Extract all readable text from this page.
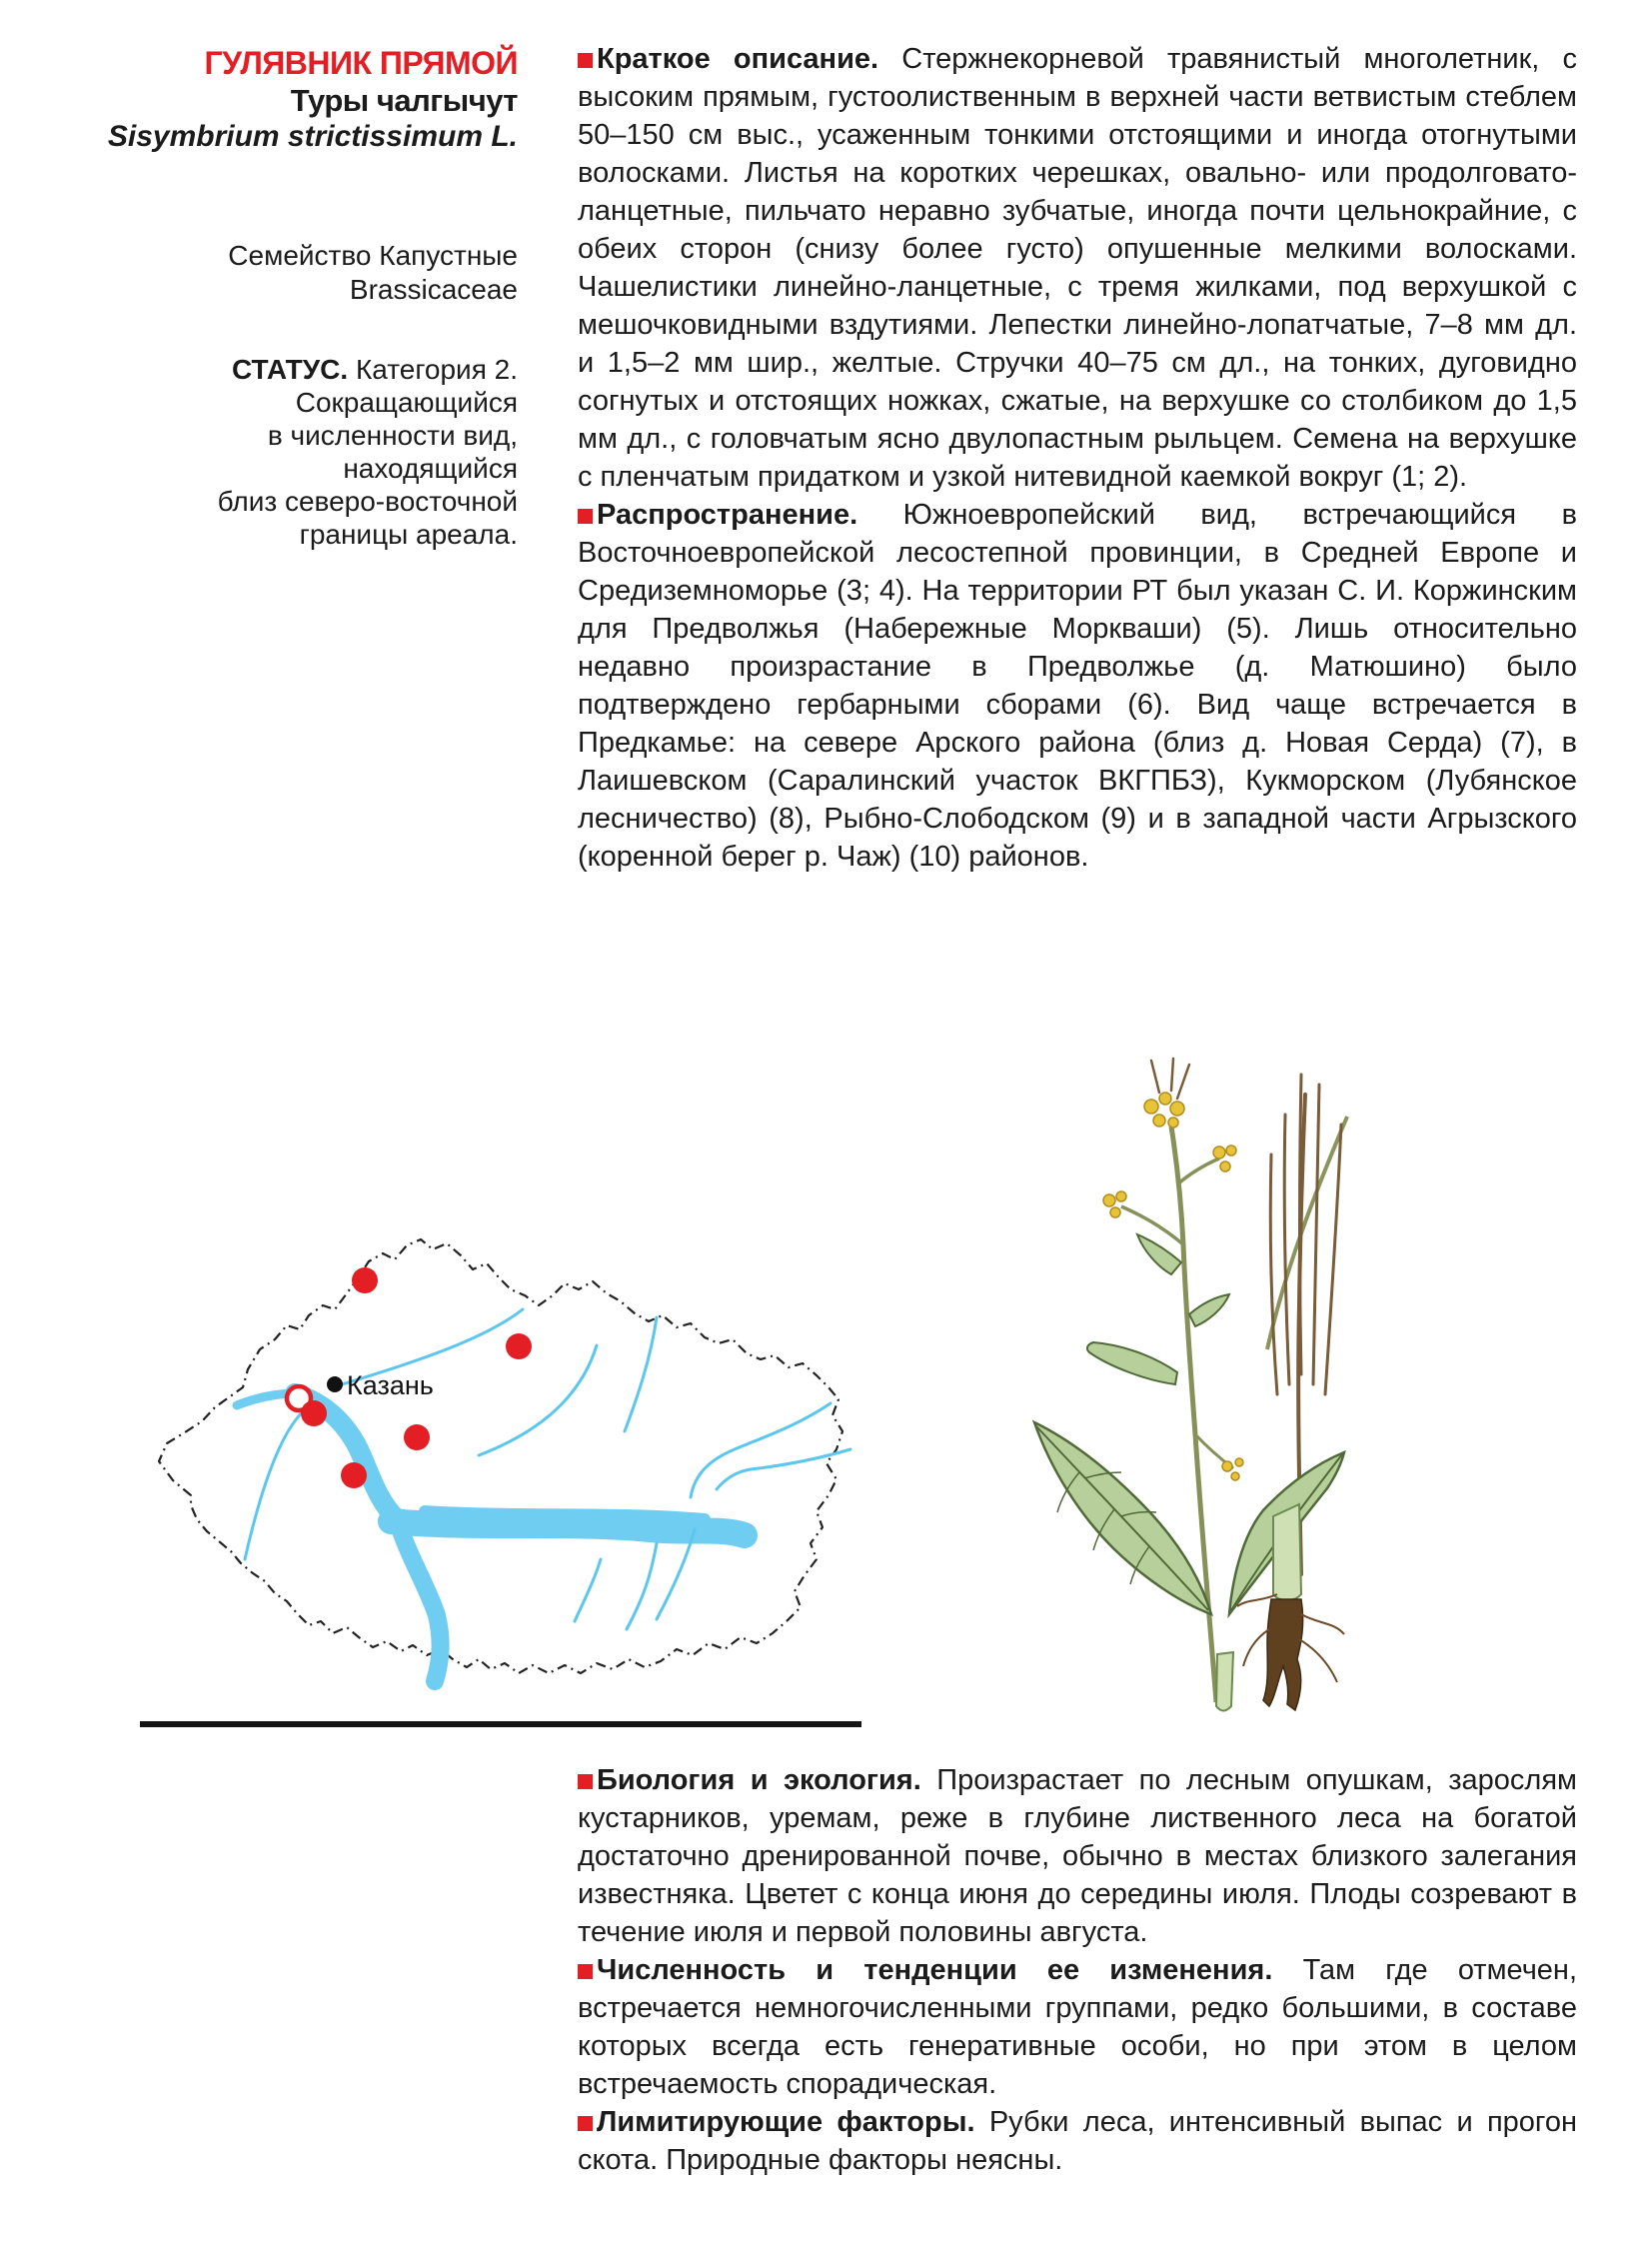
ГУЛЯВНИК ПРЯМОЙ
Туры чалгычут
Sisymbrium strictissimum L.
Семейство Капустные
Brassicaceae
СТАТУС. Категория 2.
Сокращающийся
в численности вид,
находящийся
близ северо-восточной
границы ареала.

Краткое описание. Стержнекорневой травянистый многолетник, с высоким прямым, густоолиственным в верхней части ветвистым стеблем 50–150 см выс., усаженным тонкими отстоящими и иногда отогнутыми волосками. Листья на коротких черешках, овально- или продолговато-ланцетные, пильчато неравно зубчатые, иногда почти цельнокрайние, с обеих сторон (снизу более густо) опушенные мелкими волосками. Чашелистики линейно-ланцетные, с тремя жилками, под верхушкой с мешочковидными вздутиями. Лепестки линейно-лопатчатые, 7–8 мм дл. и 1,5–2 мм шир., желтые. Стручки 40–75 см дл., на тонких, дуговидно согнутых и отстоящих ножках, сжатые, на верхушке со столбиком до 1,5 мм дл., с головчатым ясно двулопастным рыльцем. Семена на верхушке с пленчатым придатком и узкой нитевидной каемкой вокруг (1; 2).

Распространение. Южноевропейский вид, встречающийся в Восточноевропейской лесостепной провинции, в Средней Европе и Средиземноморье (3; 4). На территории РТ был указан С. И. Коржинским для Предволжья (Набережные Моркваши) (5). Лишь относительно недавно произрастание в Предволжье (д. Матюшино) было подтверждено гербарными сборами (6). Вид чаще встречается в Предкамье: на севере Арского района (близ д. Новая Серда) (7), в Лаишевском (Саралинский участок ВКГПБЗ), Кукморском (Лубянское лесничество) (8), Рыбно-Слободском (9) и в западной части Агрызского (коренной берег р. Чаж) (10) районов.

Казань

Биология и экология. Произрастает по лесным опушкам, зарослям кустарников, уремам, реже в глубине лиственного леса на богатой достаточно дренированной почве, обычно в местах близкого залегания известняка. Цветет с конца июня до середины июля. Плоды созревают в течение июля и первой половины августа.

Численность и тенденции ее изменения. Там где отмечен, встречается немногочисленными группами, редко большими, в составе которых всегда есть генеративные особи, но при этом в целом встречаемость спорадическая.

Лимитирующие факторы. Рубки леса, интенсивный выпас и прогон скота. Природные факторы неясны.
